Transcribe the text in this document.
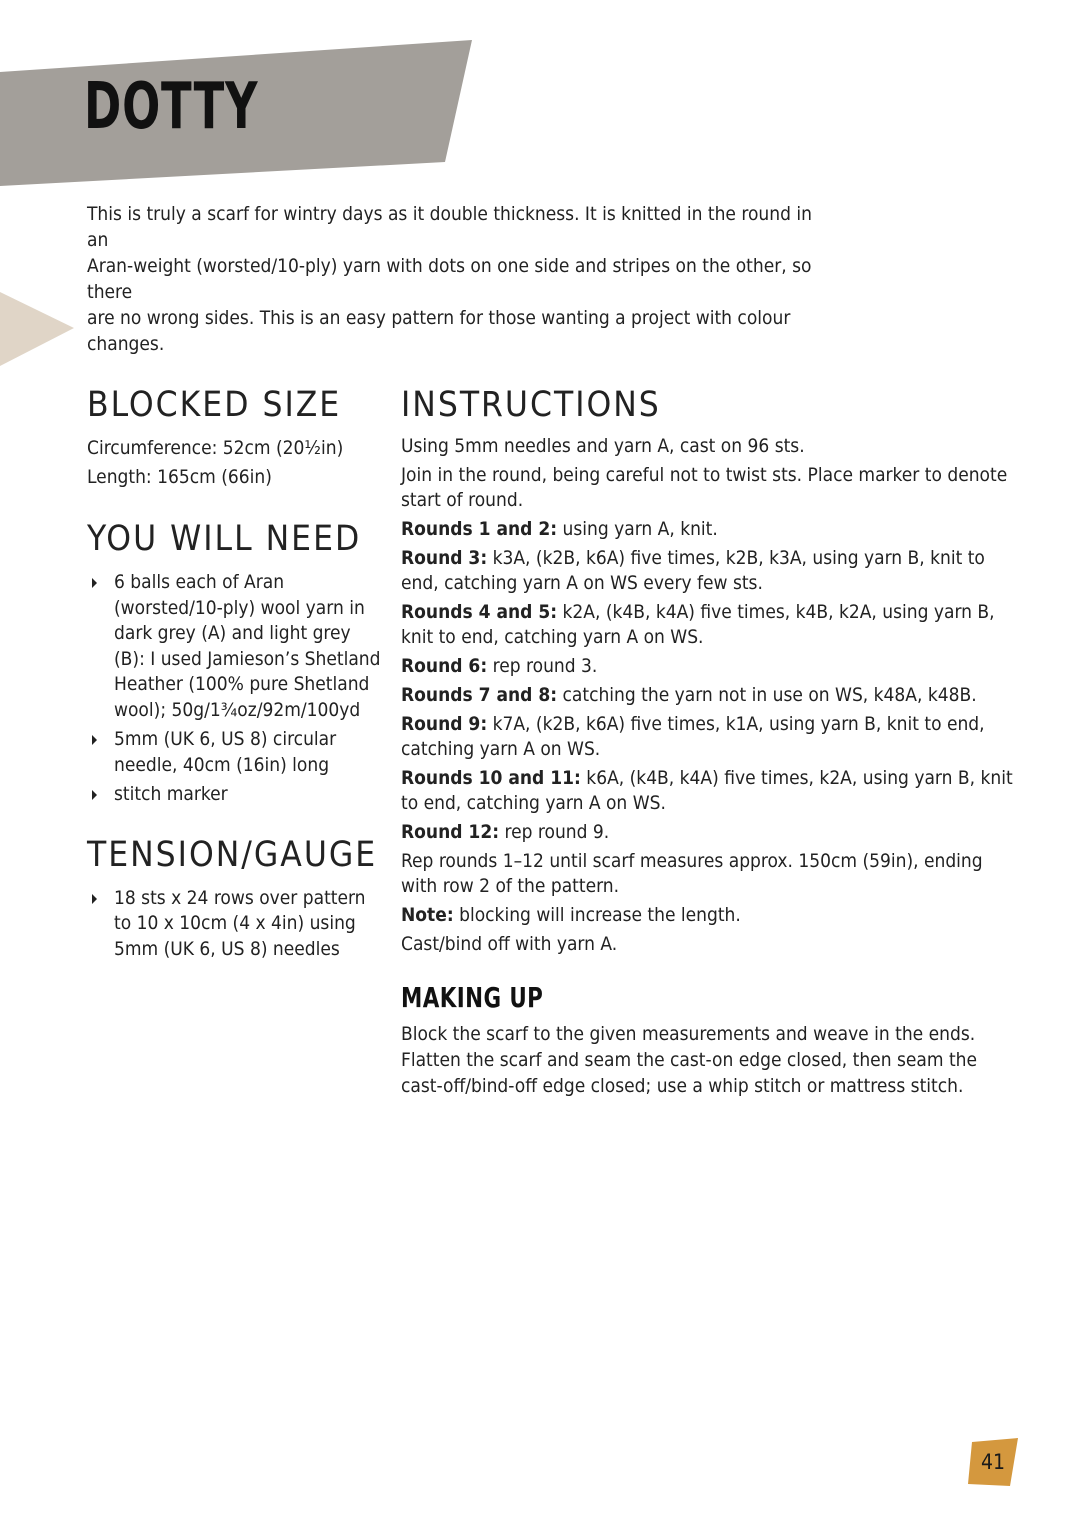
DOTTY

This is truly a scarf for wintry days as it double thickness. It is knitted in the round in an

Aran-weight (worsted/10-ply) yarn with dots on one side and stripes on the other, so there

are no wrong sides. This is an easy pattern for those wanting a project with colour changes.

BLOCKED SIZE

Circumference: 52cm (20½in)

Length: 165cm (66in)

YOU WILL NEED
6 balls each of Aran (worsted/10-ply) wool yarn in dark grey (A) and light grey (B): I used Jamieson’s Shetland Heather (100% pure Shetland wool); 50g/1¾oz/92m/100yd
5mm (UK 6, US 8) circular needle, 40cm (16in) long
stitch marker
TENSION/GAUGE
18 sts x 24 rows over pattern to 10 x 10cm (4 x 4in) using 5mm (UK 6, US 8) needles
INSTRUCTIONS

Using 5mm needles and yarn A, cast on 96 sts.

Join in the round, being careful not to twist sts. Place marker to denote start of round.

Rounds 1 and 2: using yarn A, knit.

Round 3: k3A, (k2B, k6A) five times, k2B, k3A, using yarn B, knit to end, catching yarn A on WS every few sts.

Rounds 4 and 5: k2A, (k4B, k4A) five times, k4B, k2A, using yarn B, knit to end, catching yarn A on WS.

Round 6: rep round 3.

Rounds 7 and 8: catching the yarn not in use on WS, k48A, k48B.

Round 9: k7A, (k2B, k6A) five times, k1A, using yarn B, knit to end, catching yarn A on WS.

Rounds 10 and 11: k6A, (k4B, k4A) five times, k2A, using yarn B, knit to end, catching yarn A on WS.

Round 12: rep round 9.

Rep rounds 1–12 until scarf measures approx. 150cm (59in), ending with row 2 of the pattern.

Note: blocking will increase the length.

Cast/bind off with yarn A.

MAKING UP

Block the scarf to the given measurements and weave in the ends.

Flatten the scarf and seam the cast-on edge closed, then seam the

cast-off/bind-off edge closed; use a whip stitch or mattress stitch.

41
